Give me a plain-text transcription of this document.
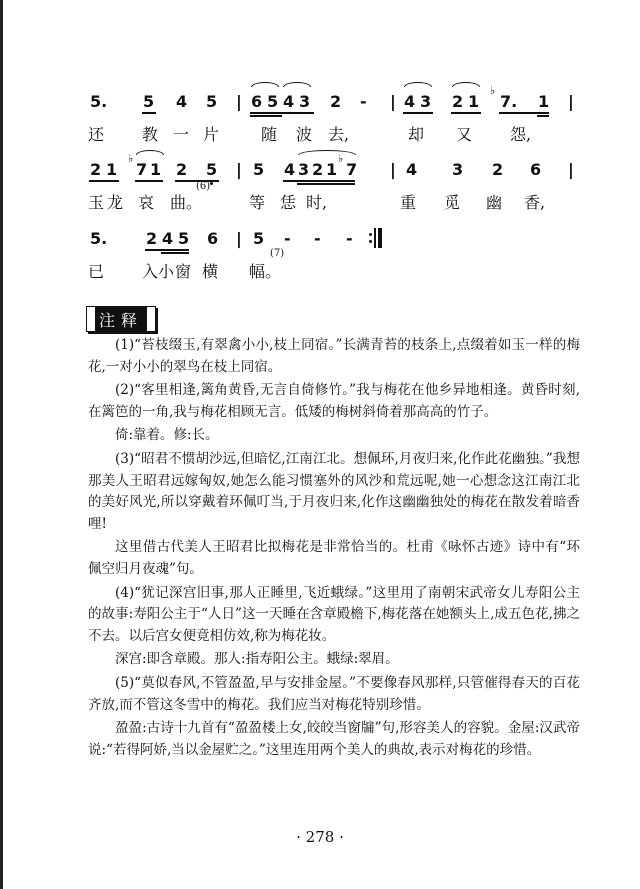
5. 5 4 5 | 6 5 4 3 2 - | 4 3 2 1 7. 1 |
♭
还 教 一 片	随 波 去,	却 又 怨,
2 1 7 1 2 5 | 5 4 3 2 1 7 | 4 3 2 6 |
♭	♭
玉 龙 哀 曲。
(6)
等 恁 时,	重 觅 幽 香,
5. 2 4 5 6 | 5 - - -
已 入 小 窗 横 幅。
(7)
注释

(1)“苔枝缀玉,有翠禽小小,枝上同宿。”长满青苔的枝条上,点缀着如玉一样的梅花,一对小小的翠鸟在枝上同宿。

(2)“客里相逢,篱角黄昏,无言自倚修竹。”我与梅花在他乡异地相逢。黄昏时刻,在篱笆的一角,我与梅花相顾无言。低矮的梅树斜倚着那高高的竹子。

倚:靠着。修:长。

(3)“昭君不惯胡沙远,但暗忆,江南江北。想佩环,月夜归来,化作此花幽独。”我想那美人王昭君远嫁匈奴,她怎么能习惯塞外的风沙和荒远呢,她一心想念这江南江北的美好风光,所以穿戴着环佩叮当,于月夜归来,化作这幽幽独处的梅花在散发着暗香哩!

这里借古代美人王昭君比拟梅花是非常恰当的。杜甫《咏怀古迹》诗中有“环佩空归月夜魂”句。

(4)“犹记深宫旧事,那人正睡里,飞近蛾绿。”这里用了南朝宋武帝女儿寿阳公主的故事:寿阳公主于“人日”这一天睡在含章殿檐下,梅花落在她额头上,成五色花,拂之不去。以后宫女便竟相仿效,称为梅花妆。

深宫:即含章殿。那人:指寿阳公主。蛾绿:翠眉。

(5)“莫似春风,不管盈盈,早与安排金屋。”不要像春风那样,只管催得春天的百花齐放,而不管这冬雪中的梅花。我们应当对梅花特别珍惜。

盈盈:古诗十九首有“盈盈楼上女,皎皎当窗牖”句,形容美人的容貌。金屋:汉武帝说:“若得阿娇,当以金屋贮之。”这里连用两个美人的典故,表示对梅花的珍惜。

· 278 ·
